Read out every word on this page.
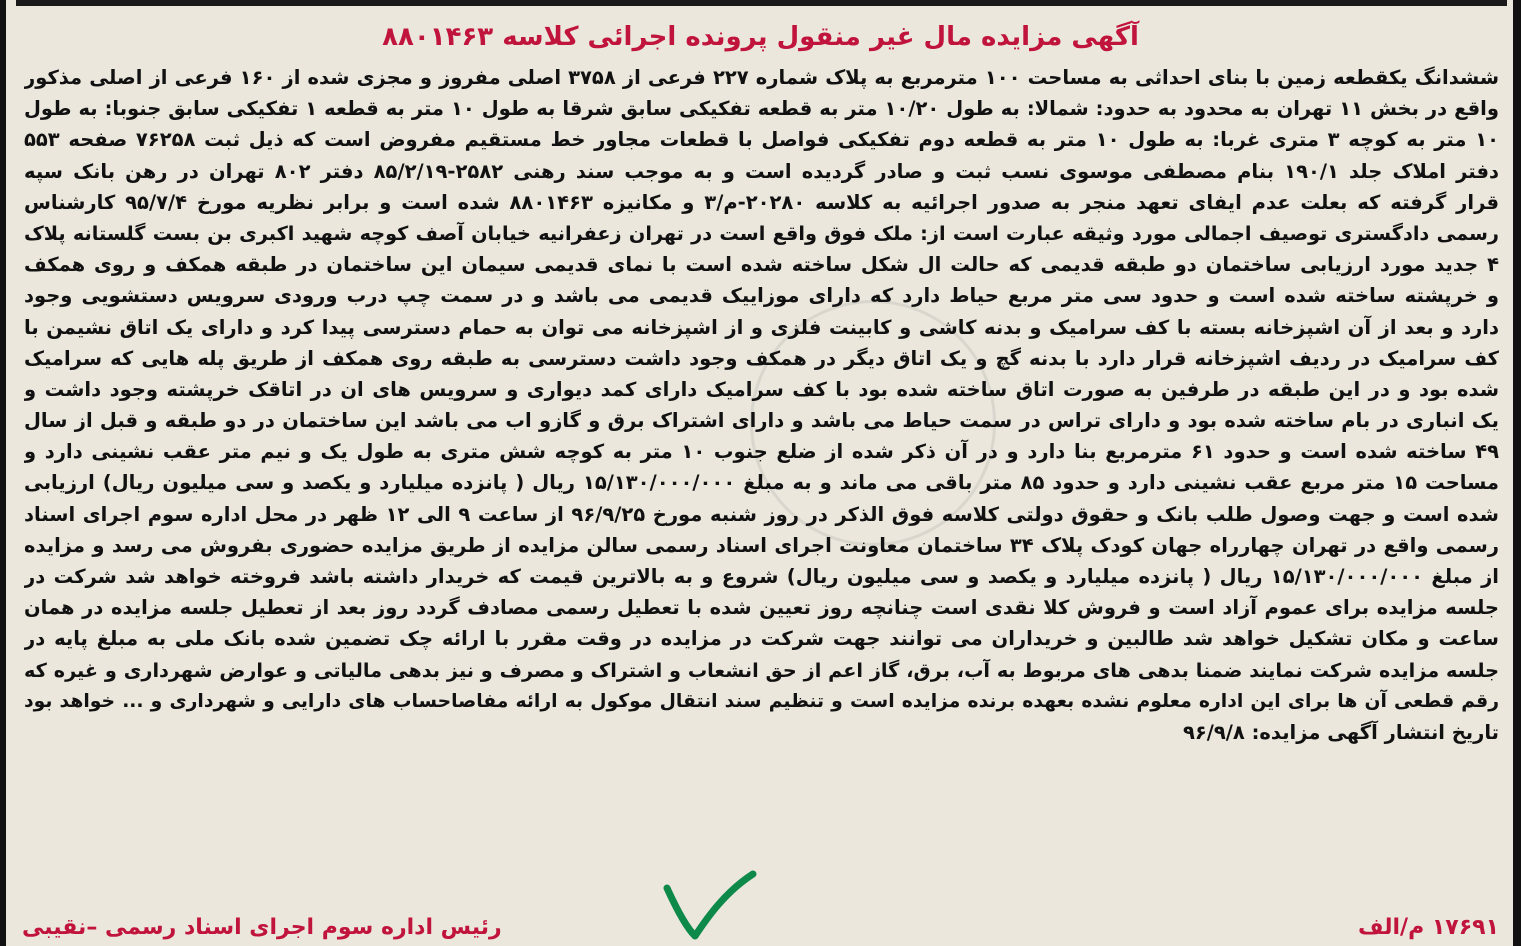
آگهی مزایده مال غیر منقول پرونده اجرائی کلاسه ۸۸۰۱۴۶۳
ششدانگ یکقطعه زمین با بنای احداثی به مساحت ۱۰۰ مترمربع به پلاک شماره ۲۲۷ فرعی از ۳۷۵۸ اصلی مفروز و مجزی شده از ۱۶۰ فرعی از اصلی مذکور
واقع در بخش ۱۱ تهران به محدود به حدود: شمالا: به طول ۱۰/۲۰ متر به قطعه تفکیکی سابق شرقا به طول ۱۰ متر به قطعه ۱ تفکیکی سابق جنوبا: به طول
۱۰ متر به کوچه ۳ متری غربا: به طول ۱۰ متر به قطعه دوم تفکیکی فواصل با قطعات مجاور خط مستقیم مفروض است که ذیل ثبت ۷۶۲۵۸ صفحه ۵۵۳
دفتر املاک جلد ۱۹۰/۱ بنام مصطفی موسوی نسب ثبت و صادر گردیده است و به موجب سند رهنی ۲۵۸۲-۸۵/۲/۱۹ دفتر ۸۰۲ تهران در رهن بانک سپه
قرار گرفته که بعلت عدم ایفای تعهد منجر به صدور اجرائیه به کلاسه ۲۰۲۸۰-م/۳ و مکانیزه ۸۸۰۱۴۶۳ شده است و برابر نظریه مورخ ۹۵/۷/۴ کارشناس
رسمی دادگستری توصیف اجمالی مورد وثیقه عبارت است از: ملک فوق واقع است در تهران زعفرانیه خیابان آصف کوچه شهید اکبری بن بست گلستانه پلاک
۴ جدید مورد ارزیابی ساختمان دو طبقه قدیمی که حالت ال شکل ساخته شده است با نمای قدیمی سیمان این ساختمان در طبقه همکف و روی همکف
و خرپشته ساخته شده است و حدود سی متر مربع حیاط دارد که دارای موزاییک قدیمی می باشد و در سمت چپ درب ورودی سرویس دستشویی وجود
دارد و بعد از آن اشپزخانه بسته با کف سرامیک و بدنه کاشی و کابینت فلزی و از اشپزخانه می توان به حمام دسترسی پیدا کرد و دارای یک اتاق نشیمن با
کف سرامیک در ردیف اشپزخانه قرار دارد با بدنه گچ و یک اتاق دیگر در همکف وجود داشت دسترسی به طبقه روی همکف از طریق پله هایی که سرامیک
شده بود و در این طبقه در طرفین به صورت اتاق ساخته شده بود با کف سرامیک دارای کمد دیواری و سرویس های ان در اتاقک خرپشته وجود داشت و
یک انباری در بام ساخته شده بود و دارای تراس در سمت حیاط می باشد و دارای اشتراک برق و گازو اب می باشد این ساختمان در دو طبقه و قبل از سال
۴۹ ساخته شده است و حدود ۶۱ مترمربع بنا دارد و در آن ذکر شده از ضلع جنوب ۱۰ متر به کوچه شش متری به طول یک و نیم متر عقب نشینی دارد و
مساحت ۱۵ متر مربع عقب نشینی دارد و حدود ۸۵ متر باقی می ماند و به مبلغ ۱۵/۱۳۰/۰۰۰/۰۰۰ ریال ( پانزده میلیارد و یکصد و سی میلیون ریال) ارزیابی
شده است و جهت وصول طلب بانک و حقوق دولتی کلاسه فوق الذکر در روز شنبه مورخ ۹۶/۹/۲۵ از ساعت ۹ الی ۱۲ ظهر در محل اداره سوم اجرای اسناد
رسمی واقع در تهران چهارراه جهان کودک پلاک ۳۴ ساختمان معاونت اجرای اسناد رسمی سالن مزایده از طریق مزایده حضوری بفروش می رسد و مزایده
از مبلغ ۱۵/۱۳۰/۰۰۰/۰۰۰ ریال ( پانزده میلیارد و یکصد و سی میلیون ریال) شروع و به بالاترین قیمت که خریدار داشته باشد فروخته خواهد شد شرکت در
جلسه مزایده برای عموم آزاد است و فروش کلا نقدی است چنانچه روز تعیین شده با تعطیل رسمی مصادف گردد روز بعد از تعطیل جلسه مزایده در همان
ساعت و مکان تشکیل خواهد شد طالبین و خریداران می توانند جهت شرکت در مزایده در وقت مقرر با ارائه چک تضمین شده بانک ملی به مبلغ پایه در
جلسه مزایده شرکت نمایند ضمنا بدهی های مربوط به آب، برق، گاز اعم از حق انشعاب و اشتراک و مصرف و نیز بدهی مالیاتی و عوارض شهرداری و غیره که
رقم قطعی آن ها برای این اداره معلوم نشده بعهده برنده مزایده است و تنظیم سند انتقال موکول به ارائه مفاصاحساب های دارایی و شهرداری و ... خواهد بود
تاریخ انتشار آگهی مزایده: ۹۶/۹/۸
۱۷۶۹۱ م/الف
رئیس اداره سوم اجرای اسناد رسمی –نقیبی
